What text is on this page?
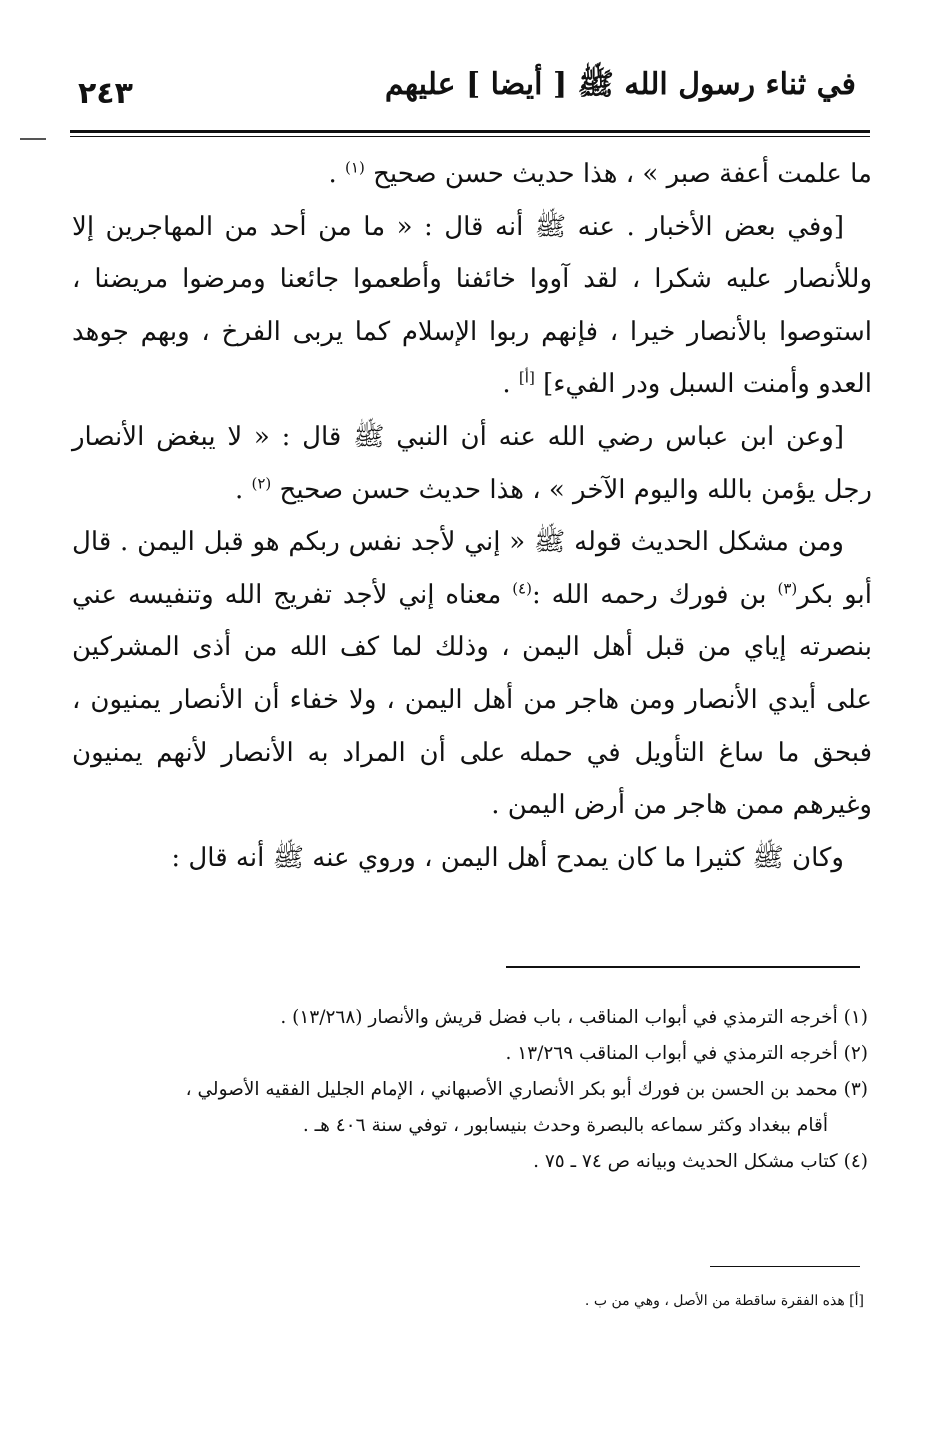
٢٤٣	في ثناء رسول الله ﷺ [ أيضا ] عليهم

ما علمت أعفة صبر » ، هذا حديث حسن صحيح $^{(١)}$ .

[وفي بعض الأخبار . عنه ﷺ أنه قال : « ما من أحد من المهاجرين إلا وللأنصار عليه شكرا ، لقد آووا خائفنا وأطعموا جائعنا ومرضوا مريضنا ، استوصوا بالأنصار خيرا ، فإنهم ربوا الإسلام كما يربى الفرخ ، وبهم جوهد العدو وأمنت السبل ودر الفيء] [أ] .

[وعن ابن عباس رضي الله عنه أن النبي ﷺ قال : « لا يبغض الأنصار رجل يؤمن بالله واليوم الآخر » ، هذا حديث حسن صحيح $^{(٢)}$ .

ومن مشكل الحديث قوله ﷺ « إني لأجد نفس ربكم هو قبل اليمن . قال أبو بكر$^{(٣)}$ بن فورك رحمه الله :$^{(٤)}$ معناه إني لأجد تفريج الله وتنفيسه عني بنصرته إياي من قبل أهل اليمن ، وذلك لما كف الله من أذى المشركين على أيدي الأنصار ومن هاجر من أهل اليمن ، ولا خفاء أن الأنصار يمنيون ، فبحق ما ساغ التأويل في حمله على أن المراد به الأنصار لأنهم يمنيون وغيرهم ممن هاجر من أرض اليمن .

وكان ﷺ كثيرا ما كان يمدح أهل اليمن ، وروي عنه ﷺ أنه قال :

(١) أخرجه الترمذي في أبواب المناقب ، باب فضل قريش والأنصار (١٣/٢٦٨) .

(٢) أخرجه الترمذي في أبواب المناقب ١٣/٢٦٩ .

(٣) محمد بن الحسن بن فورك أبو بكر الأنصاري الأصبهاني ، الإمام الجليل الفقيه الأصولي ،

أقام ببغداد وكثر سماعه بالبصرة وحدث بنيسابور ، توفي سنة ٤٠٦ هـ .

(٤) كتاب مشكل الحديث وبيانه ص ٧٤ ـ ٧٥ .

[أ] هذه الفقرة ساقطة من الأصل ، وهي من ب .
